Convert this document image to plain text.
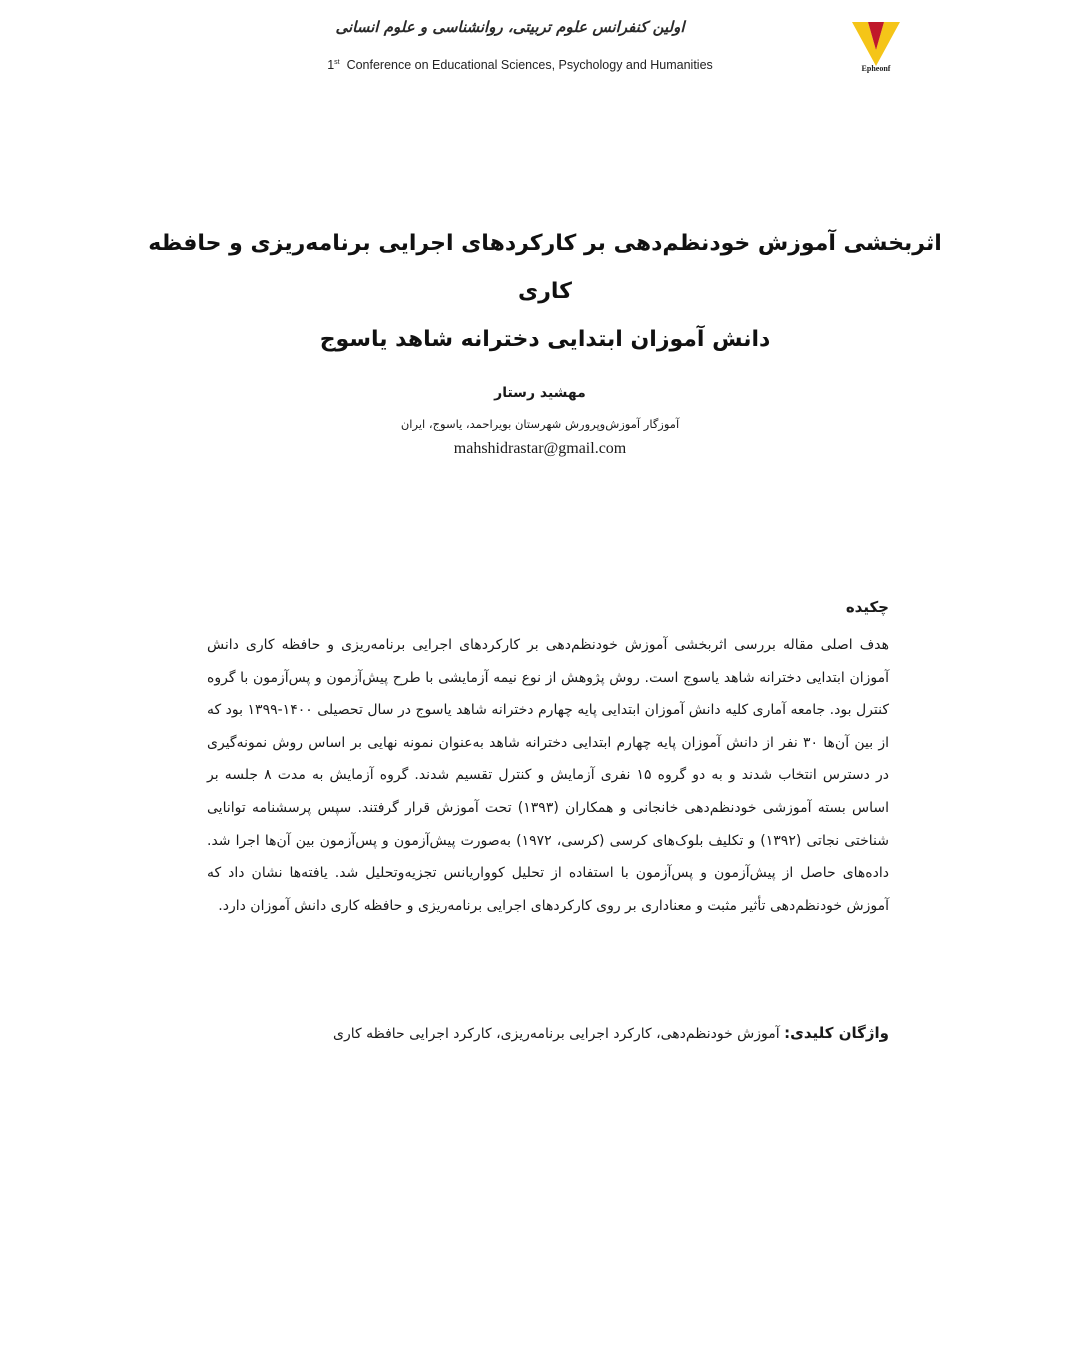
اولین کنفرانس علوم تربیتی، روانشناسی و علوم انسانی
1st Conference on Educational Sciences, Psychology and Humanities	Epheonf
اثربخشی آموزش خودنظم‌دهی بر کارکردهای اجرایی برنامه‌ریزی و حافظه کاری
دانش آموزان ابتدایی دخترانه شاهد یاسوج
مهشید رستار
آموزگار آموزش‌وپرورش شهرستان بویراحمد، یاسوج، ایران
mahshidrastar@gmail.com
چکیده

هدف اصلی مقاله بررسی اثربخشی آموزش خودنظم‌دهی بر کارکردهای اجرایی برنامه‌ریزی و حافظه کاری دانش آموزان ابتدایی دخترانه شاهد یاسوج است. روش پژوهش از نوع نیمه آزمایشی با طرح پیش‌آزمون و پس‌آزمون با گروه کنترل بود. جامعه آماری کلیه دانش آموزان ابتدایی پایه چهارم دخترانه شاهد یاسوج در سال تحصیلی ۱۴۰۰-۱۳۹۹ بود که از بین آن‌ها ۳۰ نفر از دانش آموزان پایه چهارم ابتدایی دخترانه شاهد به‌عنوان نمونه نهایی بر اساس روش نمونه‌گیری در دسترس انتخاب شدند و به دو گروه ۱۵ نفری آزمایش و کنترل تقسیم شدند. گروه آزمایش به مدت ۸ جلسه بر اساس بسته آموزشی خودنظم‌دهی خانجانی و همکاران (۱۳۹۳) تحت آموزش قرار گرفتند. سپس پرسشنامه توانایی شناختی نجاتی (۱۳۹۲) و تکلیف بلوک‌های کرسی (کرسی، ۱۹۷۲) به‌صورت پیش‌آزمون و پس‌آزمون بین آن‌ها اجرا شد. داده‌های حاصل از پیش‌آزمون و پس‌آزمون با استفاده از تحلیل کوواریانس تجزیه‌وتحلیل شد. یافته‌ها نشان داد که آموزش خودنظم‌دهی تأثیر مثبت و معناداری بر روی کارکردهای اجرایی برنامه‌ریزی و حافظه کاری دانش آموزان دارد.

واژگان کلیدی: آموزش خودنظم‌دهی، کارکرد اجرایی برنامه‌ریزی، کارکرد اجرایی حافظه کاری
